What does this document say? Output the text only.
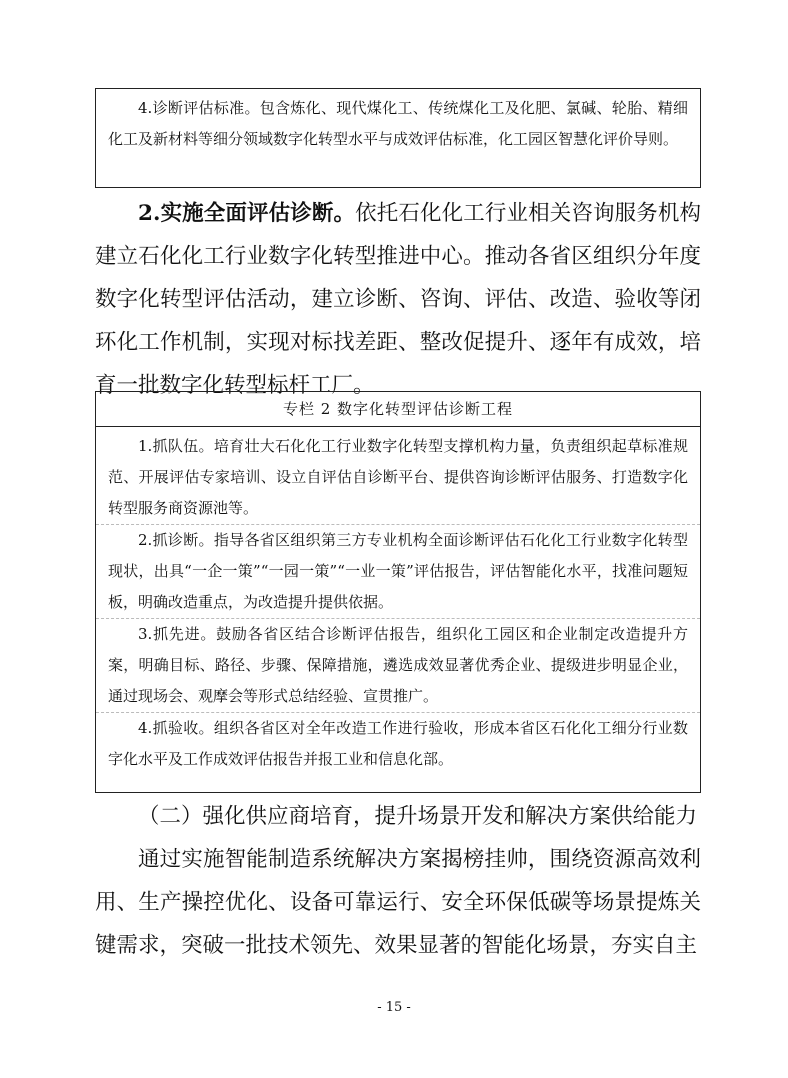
4.诊断评估标准。包含炼化、现代煤化工、传统煤化工及化肥、氯碱、轮胎、精细化工及新材料等细分领域数字化转型水平与成效评估标准，化工园区智慧化评价导则。

2.实施全面评估诊断。依托石化化工行业相关咨询服务机构建立石化化工行业数字化转型推进中心。推动各省区组织分年度数字化转型评估活动，建立诊断、咨询、评估、改造、验收等闭环化工作机制，实现对标找差距、整改促提升、逐年有成效，培育一批数字化转型标杆工厂。
专栏 2 数字化转型评估诊断工程

1.抓队伍。培育壮大石化化工行业数字化转型支撑机构力量，负责组织起草标准规范、开展评估专家培训、设立自评估自诊断平台、提供咨询诊断评估服务、打造数字化转型服务商资源池等。

2.抓诊断。指导各省区组织第三方专业机构全面诊断评估石化化工行业数字化转型现状，出具“一企一策”“一园一策”“一业一策”评估报告，评估智能化水平，找准问题短板，明确改造重点，为改造提升提供依据。

3.抓先进。鼓励各省区结合诊断评估报告，组织化工园区和企业制定改造提升方案，明确目标、路径、步骤、保障措施，遴选成效显著优秀企业、提级进步明显企业，通过现场会、观摩会等形式总结经验、宣贯推广。

4.抓验收。组织各省区对全年改造工作进行验收，形成本省区石化化工细分行业数字化水平及工作成效评估报告并报工业和信息化部。

（二）强化供应商培育，提升场景开发和解决方案供给能力
通过实施智能制造系统解决方案揭榜挂帅，围绕资源高效利用、生产操控优化、设备可靠运行、安全环保低碳等场景提炼关键需求，突破一批技术领先、效果显著的智能化场景，夯实自主
- 15 -
